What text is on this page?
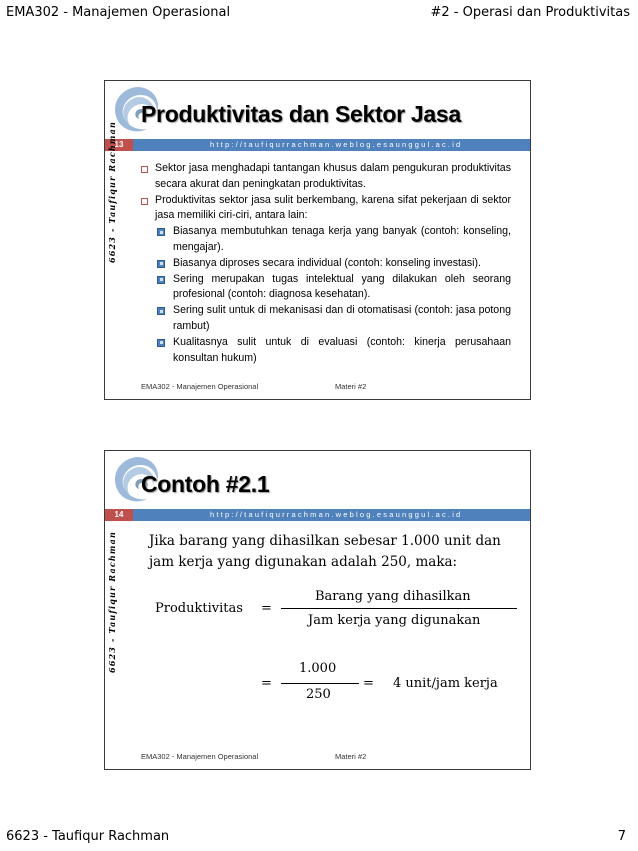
EMA302 - Manajemen Operasional	#2 - Operasi dan Produktivitas
Produktivitas dan Sektor Jasa
13	http://taufiqurrachman.weblog.esaunggul.ac.id
6623 - Taufiqur Rachman	Sektor jasa menghadapi tantangan khusus dalam pengukuran produktivitas secara akurat dan peningkatan produktivitas.
Produktivitas sektor jasa sulit berkembang, karena sifat pekerjaan di sektor jasa memiliki ciri-ciri, antara lain:
Biasanya membutuhkan tenaga kerja yang banyak (contoh: konseling, mengajar).
Biasanya diproses secara individual (contoh: konseling investasi).
Sering merupakan tugas intelektual yang dilakukan oleh seorang profesional (contoh: diagnosa kesehatan).
Sering sulit untuk di mekanisasi dan di otomatisasi (contoh: jasa potong rambut)
Kualitasnya sulit untuk di evaluasi (contoh: kinerja perusahaan konsultan hukum)
EMA302 - Manajemen Operasional	Materi #2
Contoh #2.1
14	http://taufiqurrachman.weblog.esaunggul.ac.id
6623 - Taufiqur Rachman Jika barang yang dihasilkan sebesar 1.000 unit dan jam kerja yang digunakan adalah 250, maka:
Produktivitas =
Barang yang dihasilkan
Jam kerja yang digunakan
=
1.000
250
= 4 unit/jam kerja
EMA302 - Manajemen Operasional	Materi #2
6623 - Taufiqur Rachman	7
